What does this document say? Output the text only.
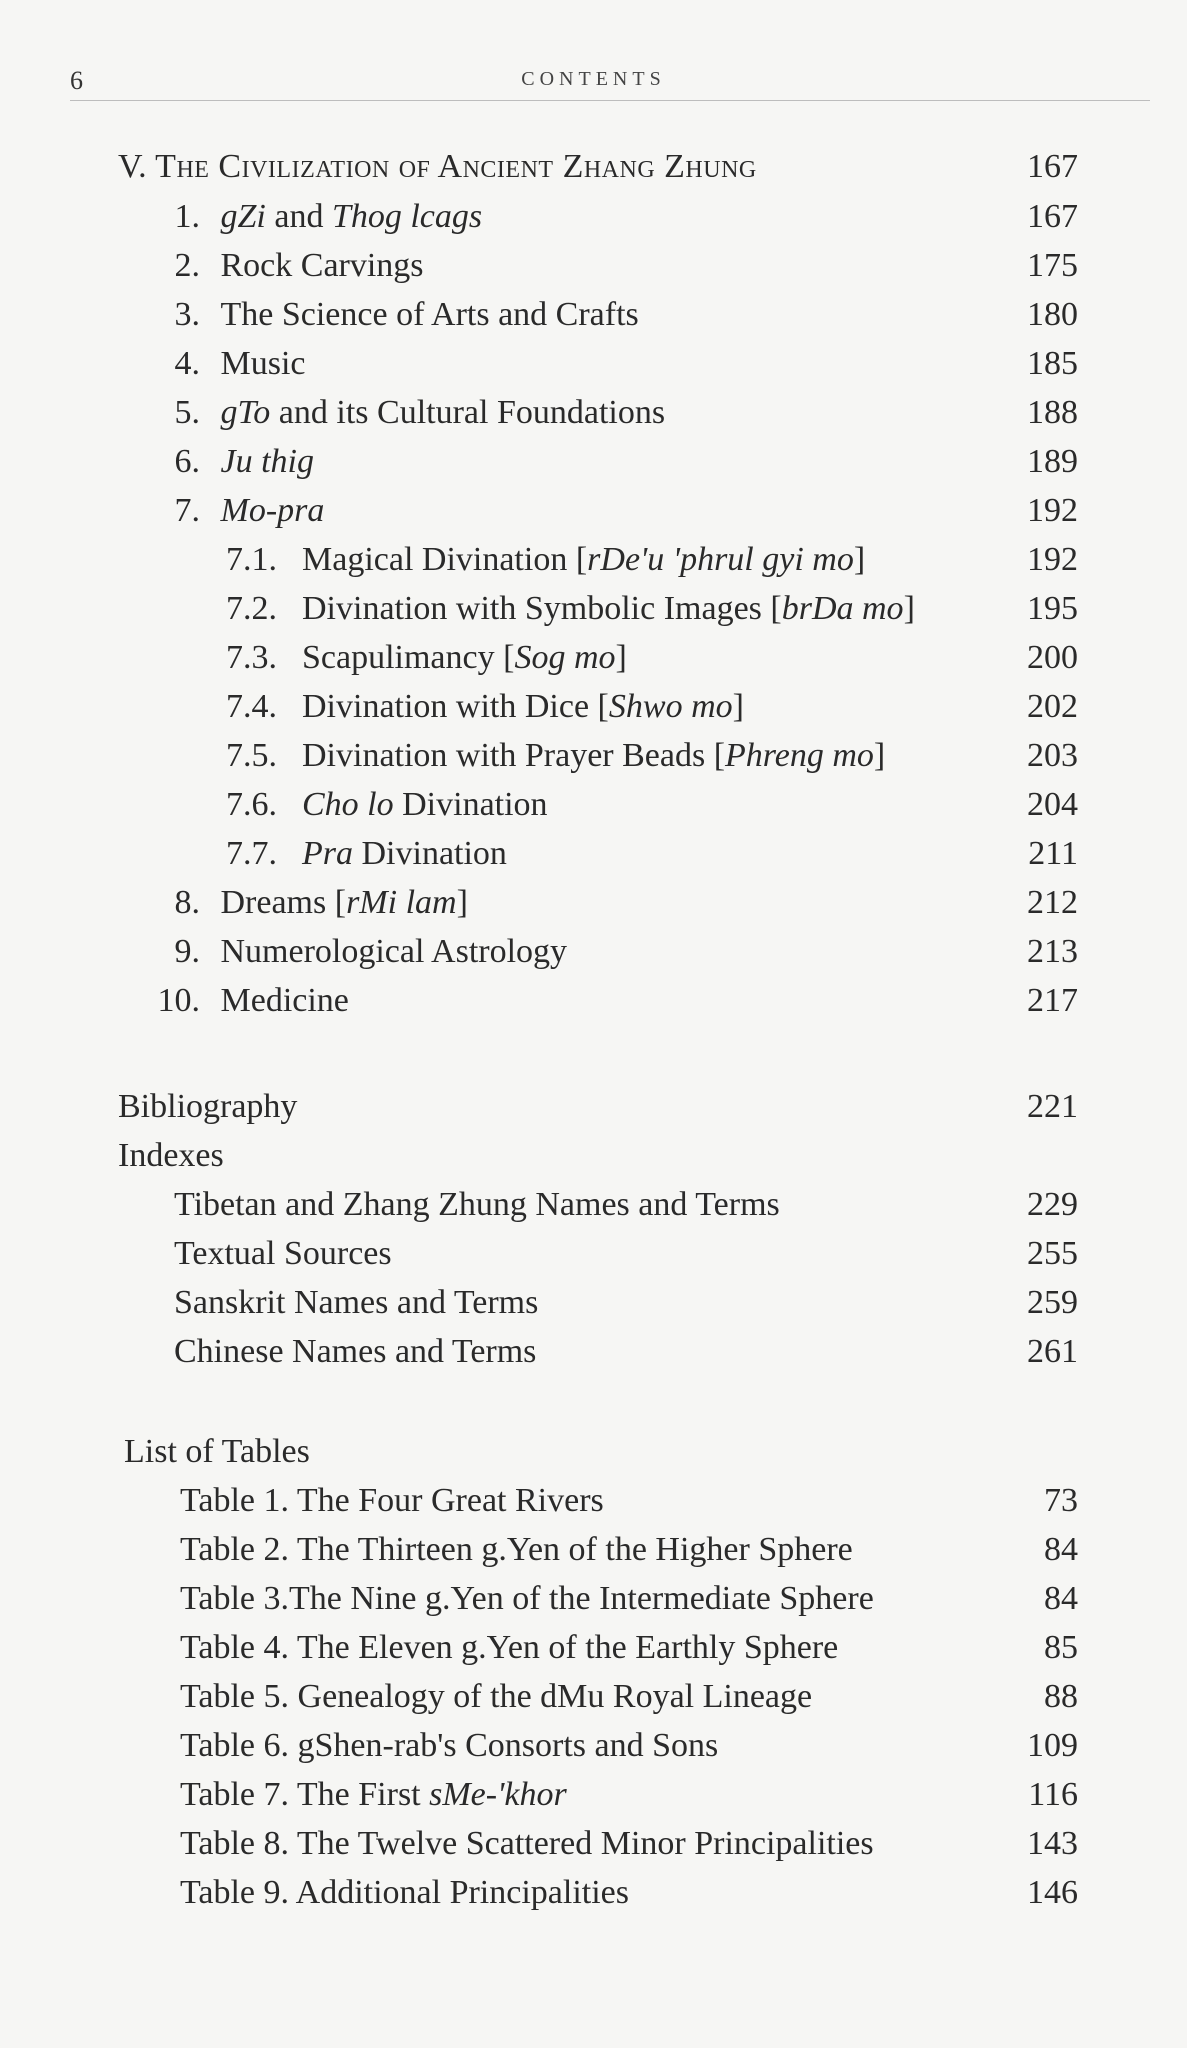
6	CONTENTS
V. The Civilization of Ancient Zhang Zhung	167
1. gZi and Thog lcags	167
2. Rock Carvings	175
3. The Science of Arts and Crafts	180
4. Music	185
5. gTo and its Cultural Foundations	188
6. Ju thig	189
7. Mo-pra	192
7.1. Magical Divination [rDe'u 'phrul gyi mo]	192
7.2. Divination with Symbolic Images [brDa mo]	195
7.3. Scapulimancy [Sog mo]	200
7.4. Divination with Dice [Shwo mo]	202
7.5. Divination with Prayer Beads [Phreng mo]	203
7.6. Cho lo Divination	204
7.7. Pra Divination	211
8. Dreams [rMi lam]	212
9. Numerological Astrology	213
10. Medicine	217
Bibliography	221
Indexes
Tibetan and Zhang Zhung Names and Terms	229
Textual Sources	255
Sanskrit Names and Terms	259
Chinese Names and Terms	261
List of Tables
Table 1. The Four Great Rivers	73
Table 2. The Thirteen g.Yen of the Higher Sphere	84
Table 3.The Nine g.Yen of the Intermediate Sphere	84
Table 4. The Eleven g.Yen of the Earthly Sphere	85
Table 5. Genealogy of the dMu Royal Lineage	88
Table 6. gShen-rab's Consorts and Sons	109
Table 7. The First sMe-'khor	116
Table 8. The Twelve Scattered Minor Principalities	143
Table 9. Additional Principalities	146
